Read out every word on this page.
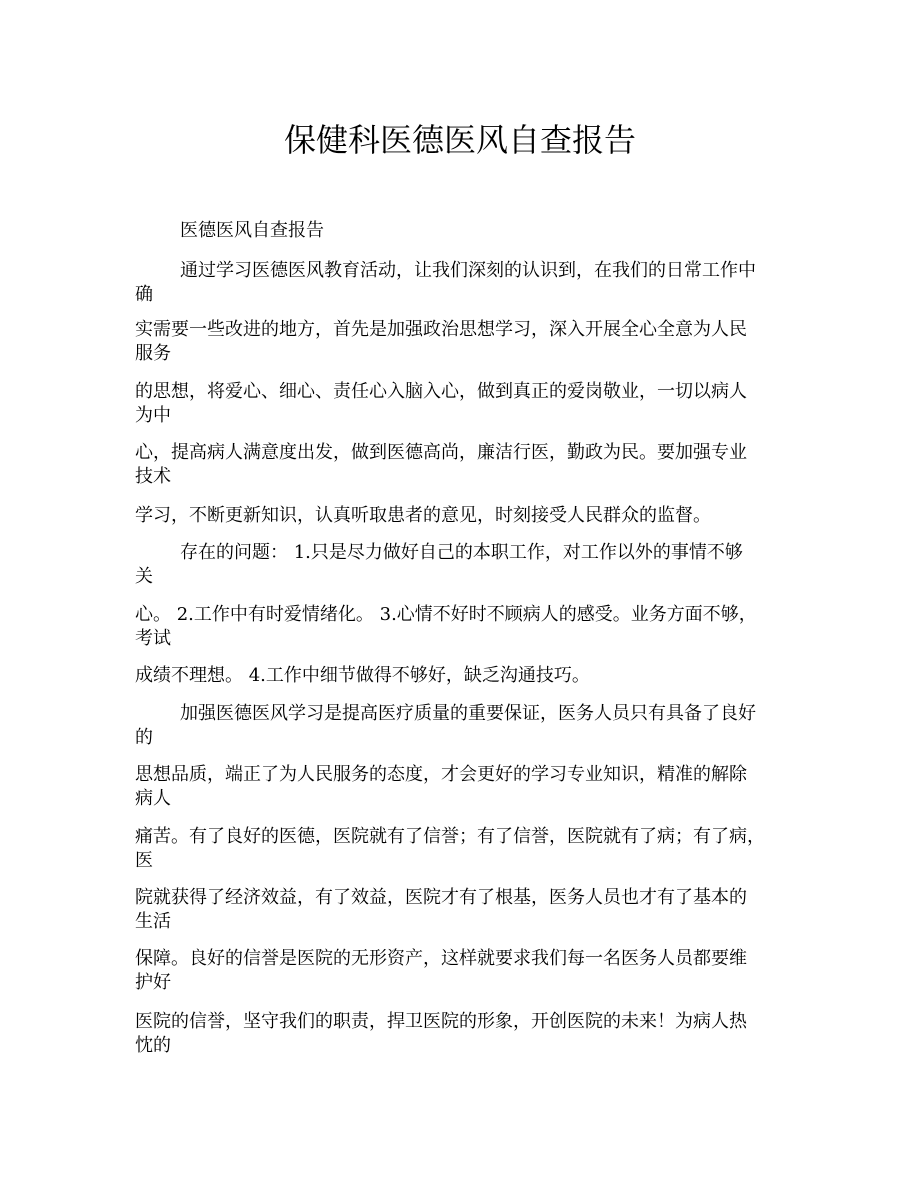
保健科医德医风自查报告
医德医风自查报告
通过学习医德医风教育活动，让我们深刻的认识到，在我们的日常工作中
确
实需要一些改进的地方，首先是加强政治思想学习，深入开展全心全意为人民
服务
的思想，将爱心、细心、责任心入脑入心，做到真正的爱岗敬业，一切以病人
为中
心，提高病人满意度出发，做到医德高尚，廉洁行医，勤政为民。要加强专业
技术
学习，不断更新知识，认真听取患者的意见，时刻接受人民群众的监督。
存在的问题： 1.只是尽力做好自己的本职工作，对工作以外的事情不够
关
心。 2.工作中有时爱情绪化。 3.心情不好时不顾病人的感受。业务方面不够，
考试
成绩不理想。 4.工作中细节做得不够好，缺乏沟通技巧。
加强医德医风学习是提高医疗质量的重要保证，医务人员只有具备了良好
的
思想品质，端正了为人民服务的态度，才会更好的学习专业知识，精准的解除
病人
痛苦。有了良好的医德，医院就有了信誉；有了信誉，医院就有了病；有了病，
医
院就获得了经济效益，有了效益，医院才有了根基，医务人员也才有了基本的
生活
保障。良好的信誉是医院的无形资产，这样就要求我们每一名医务人员都要维
护好
医院的信誉，坚守我们的职责，捍卫医院的形象，开创医院的未来！为病人热
忱的
